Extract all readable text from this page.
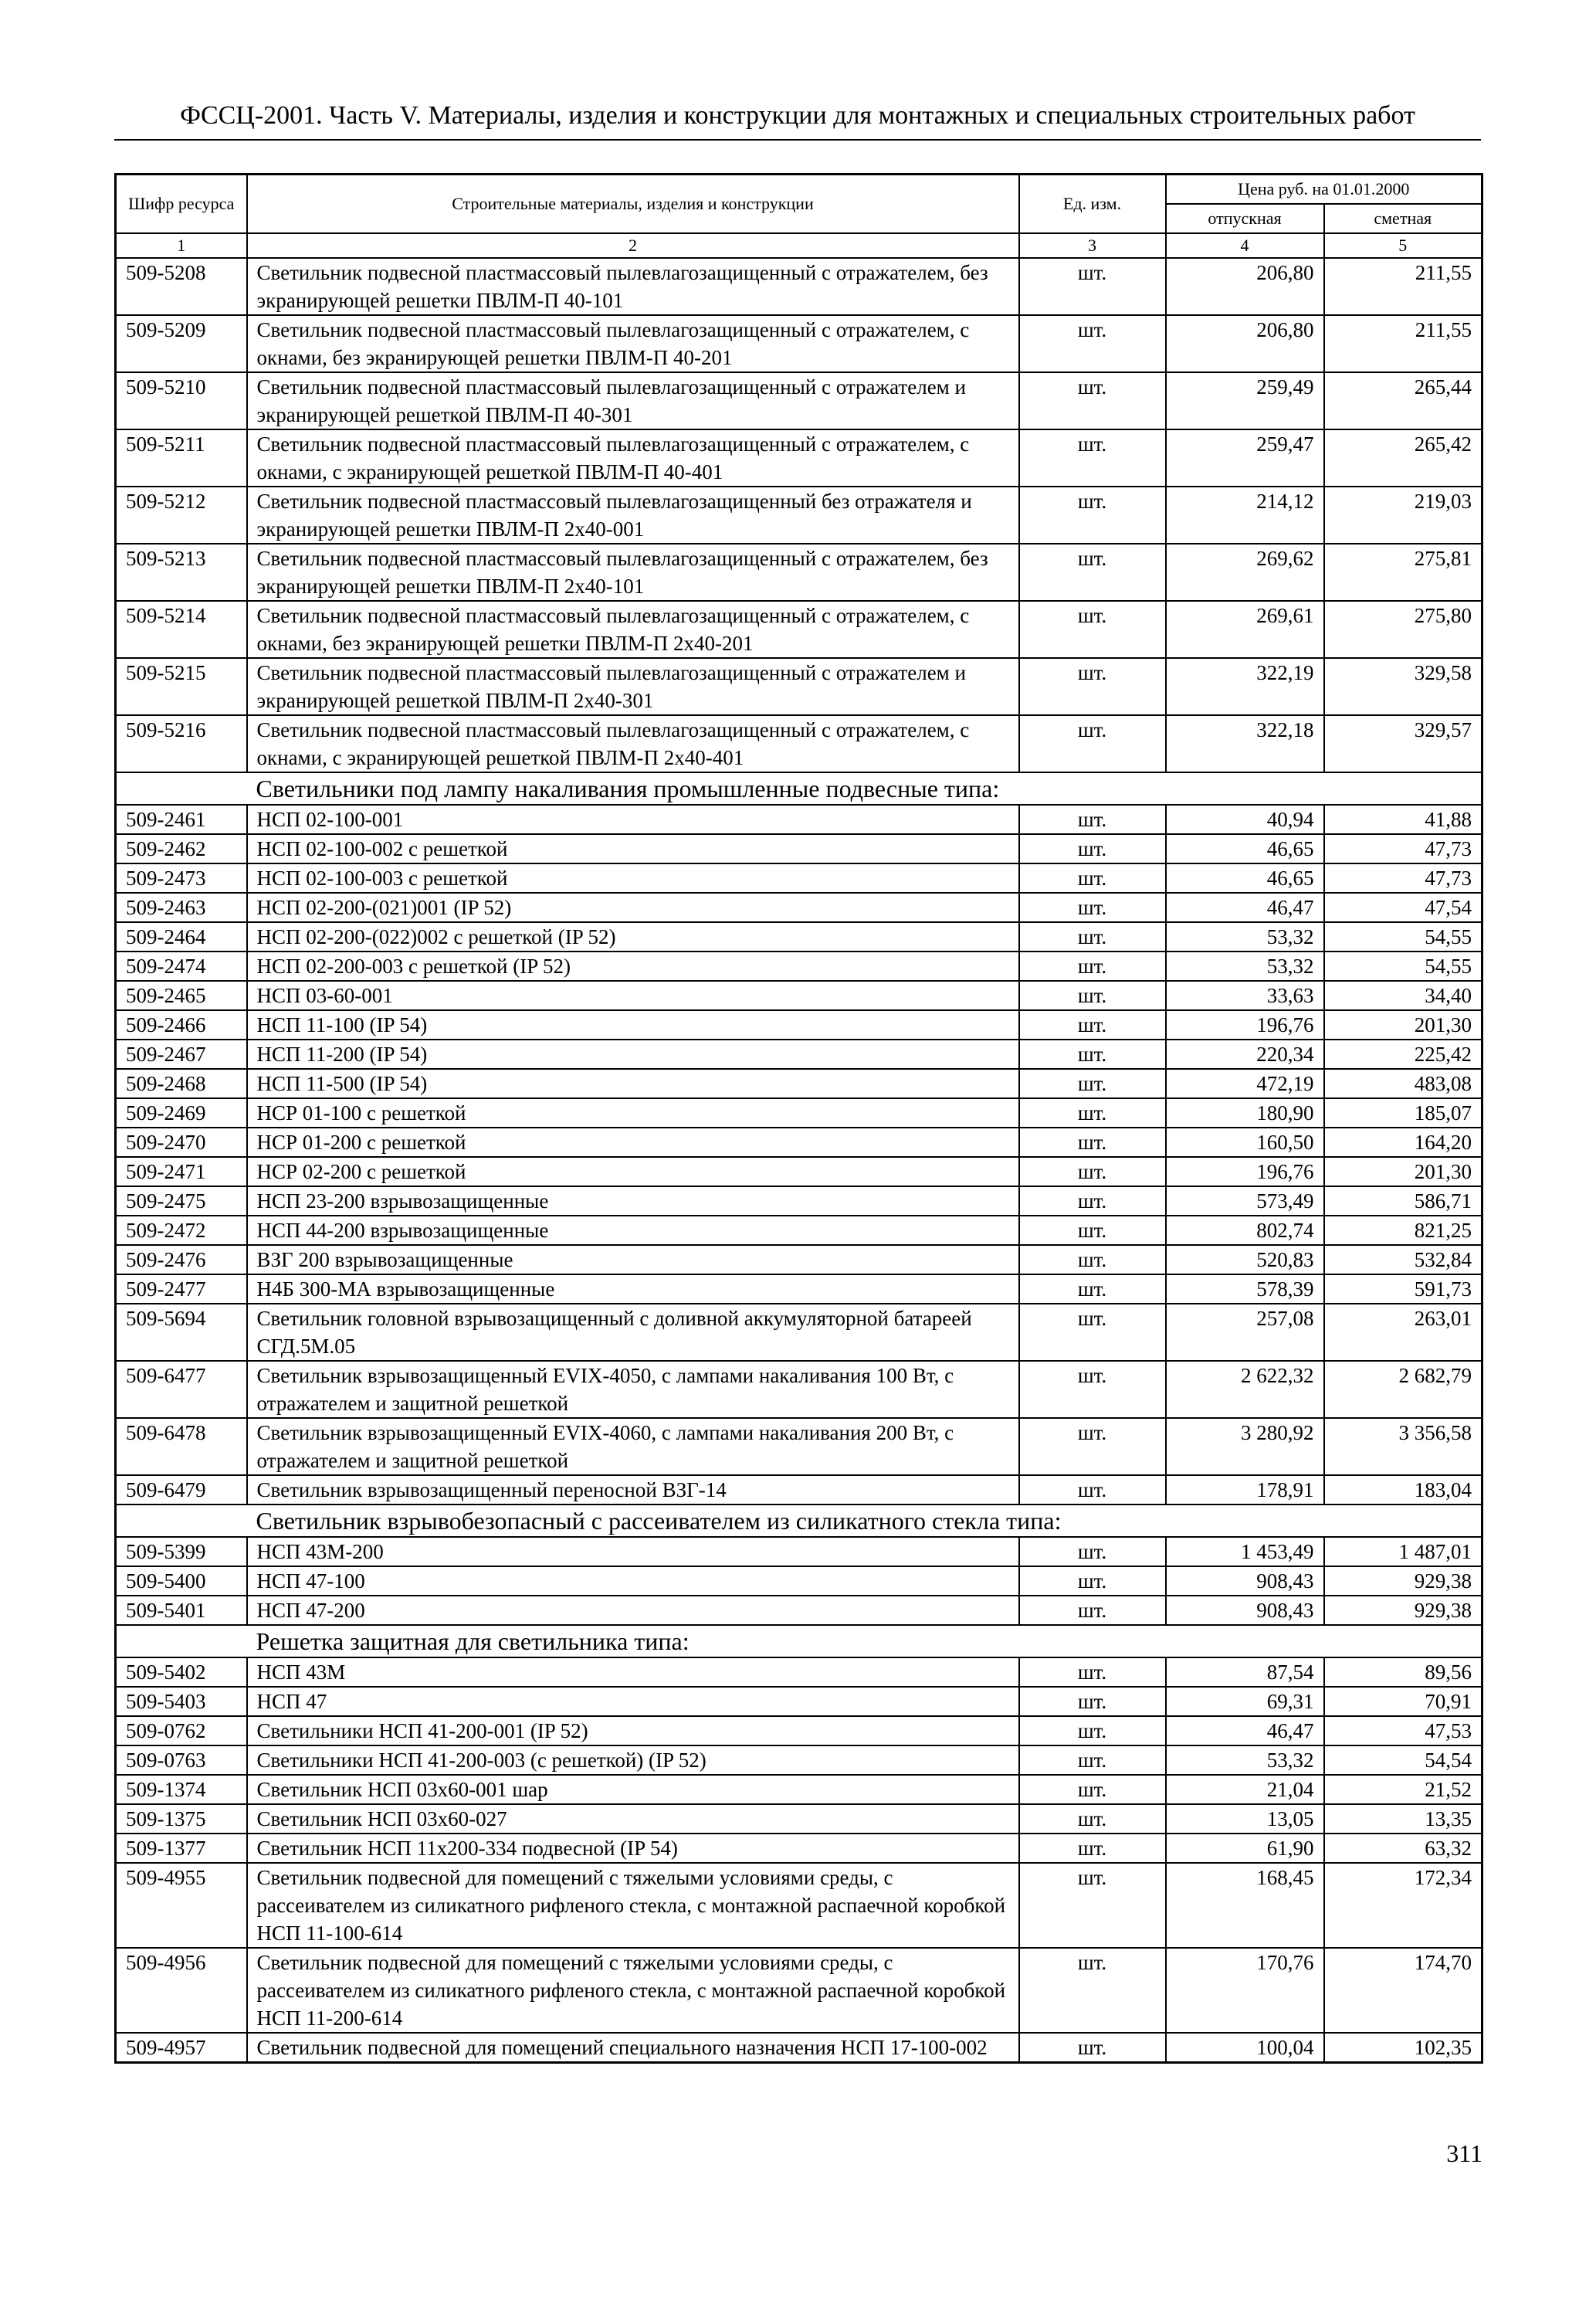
ФССЦ-2001. Часть V. Материалы, изделия и конструкции для монтажных и специальных строительных работ
Шифр ресурса	Строительные материалы, изделия и конструкции	Ед. изм.	Цена руб. на 01.01.2000	
			отпускная	сметная
1	2	3	4	5
509-5208	Светильник подвесной пластмассовый пылевлагозащищенный с отражателем, без экранирующей решетки ПВЛМ-П 40-101	шт.	206,80	211,55
509-5209	Светильник подвесной пластмассовый пылевлагозащищенный с отражателем, с окнами, без экранирующей решетки ПВЛМ-П 40-201	шт.	206,80	211,55
509-5210	Светильник подвесной пластмассовый пылевлагозащищенный с отражателем и экранирующей решеткой ПВЛМ-П 40-301	шт.	259,49	265,44
509-5211	Светильник подвесной пластмассовый пылевлагозащищенный с отражателем, с окнами, с экранирующей решеткой ПВЛМ-П 40-401	шт.	259,47	265,42
509-5212	Светильник подвесной пластмассовый пылевлагозащищенный без отражателя и экранирующей решетки ПВЛМ-П 2х40-001	шт.	214,12	219,03
509-5213	Светильник подвесной пластмассовый пылевлагозащищенный с отражателем, без экранирующей решетки ПВЛМ-П 2х40-101	шт.	269,62	275,81
509-5214	Светильник подвесной пластмассовый пылевлагозащищенный с отражателем, с окнами, без экранирующей решетки ПВЛМ-П 2х40-201	шт.	269,61	275,80
509-5215	Светильник подвесной пластмассовый пылевлагозащищенный с отражателем и экранирующей решеткой ПВЛМ-П 2х40-301	шт.	322,19	329,58
509-5216	Светильник подвесной пластмассовый пылевлагозащищенный с отражателем, с окнами, с экранирующей решеткой ПВЛМ-П 2х40-401	шт.	322,18	329,57
	Светильники под лампу накаливания промышленные подвесные типа:			
509-2461	НСП 02-100-001	шт.	40,94	41,88
509-2462	НСП 02-100-002 с решеткой	шт.	46,65	47,73
509-2473	НСП 02-100-003 с решеткой	шт.	46,65	47,73
509-2463	НСП 02-200-(021)001 (IP 52)	шт.	46,47	47,54
509-2464	НСП 02-200-(022)002 с решеткой (IP 52)	шт.	53,32	54,55
509-2474	НСП 02-200-003 с решеткой (IP 52)	шт.	53,32	54,55
509-2465	НСП 03-60-001	шт.	33,63	34,40
509-2466	НСП 11-100 (IP 54)	шт.	196,76	201,30
509-2467	НСП 11-200 (IP 54)	шт.	220,34	225,42
509-2468	НСП 11-500 (IP 54)	шт.	472,19	483,08
509-2469	НСР 01-100 с решеткой	шт.	180,90	185,07
509-2470	НСР 01-200 с решеткой	шт.	160,50	164,20
509-2471	НСР 02-200 с решеткой	шт.	196,76	201,30
509-2475	НСП 23-200 взрывозащищенные	шт.	573,49	586,71
509-2472	НСП 44-200 взрывозащищенные	шт.	802,74	821,25
509-2476	ВЗГ 200 взрывозащищенные	шт.	520,83	532,84
509-2477	Н4Б 300-МА взрывозащищенные	шт.	578,39	591,73
509-5694	Светильник головной взрывозащищенный с доливной аккумуляторной батареей СГД.5М.05	шт.	257,08	263,01
509-6477	Светильник взрывозащищенный EVIX-4050, с лампами накаливания 100 Вт, с отражателем и защитной решеткой	шт.	2 622,32	2 682,79
509-6478	Светильник взрывозащищенный EVIX-4060, с лампами накаливания 200 Вт, с отражателем и защитной решеткой	шт.	3 280,92	3 356,58
509-6479	Светильник взрывозащищенный переносной ВЗГ-14	шт.	178,91	183,04
	Светильник взрывобезопасный с рассеивателем из силикатного стекла типа:			
509-5399	НСП 43М-200	шт.	1 453,49	1 487,01
509-5400	НСП 47-100	шт.	908,43	929,38
509-5401	НСП 47-200	шт.	908,43	929,38
	Решетка защитная для светильника типа:			
509-5402	НСП 43М	шт.	87,54	89,56
509-5403	НСП 47	шт.	69,31	70,91
509-0762	Светильники НСП 41-200-001 (IP 52)	шт.	46,47	47,53
509-0763	Светильники НСП 41-200-003 (с решеткой) (IP 52)	шт.	53,32	54,54
509-1374	Светильник НСП 03х60-001 шар	шт.	21,04	21,52
509-1375	Светильник НСП 03х60-027	шт.	13,05	13,35
509-1377	Светильник НСП 11х200-334 подвесной (IP 54)	шт.	61,90	63,32
509-4955	Светильник подвесной для помещений с тяжелыми условиями среды, с рассеивателем из силикатного рифленого стекла, с монтажной распаечной коробкой НСП 11-100-614	шт.	168,45	172,34
509-4956	Светильник подвесной для помещений с тяжелыми условиями среды, с рассеивателем из силикатного рифленого стекла, с монтажной распаечной коробкой НСП 11-200-614	шт.	170,76	174,70
509-4957	Светильник подвесной для помещений специального назначения НСП 17-100-002	шт.	100,04	102,35
311
